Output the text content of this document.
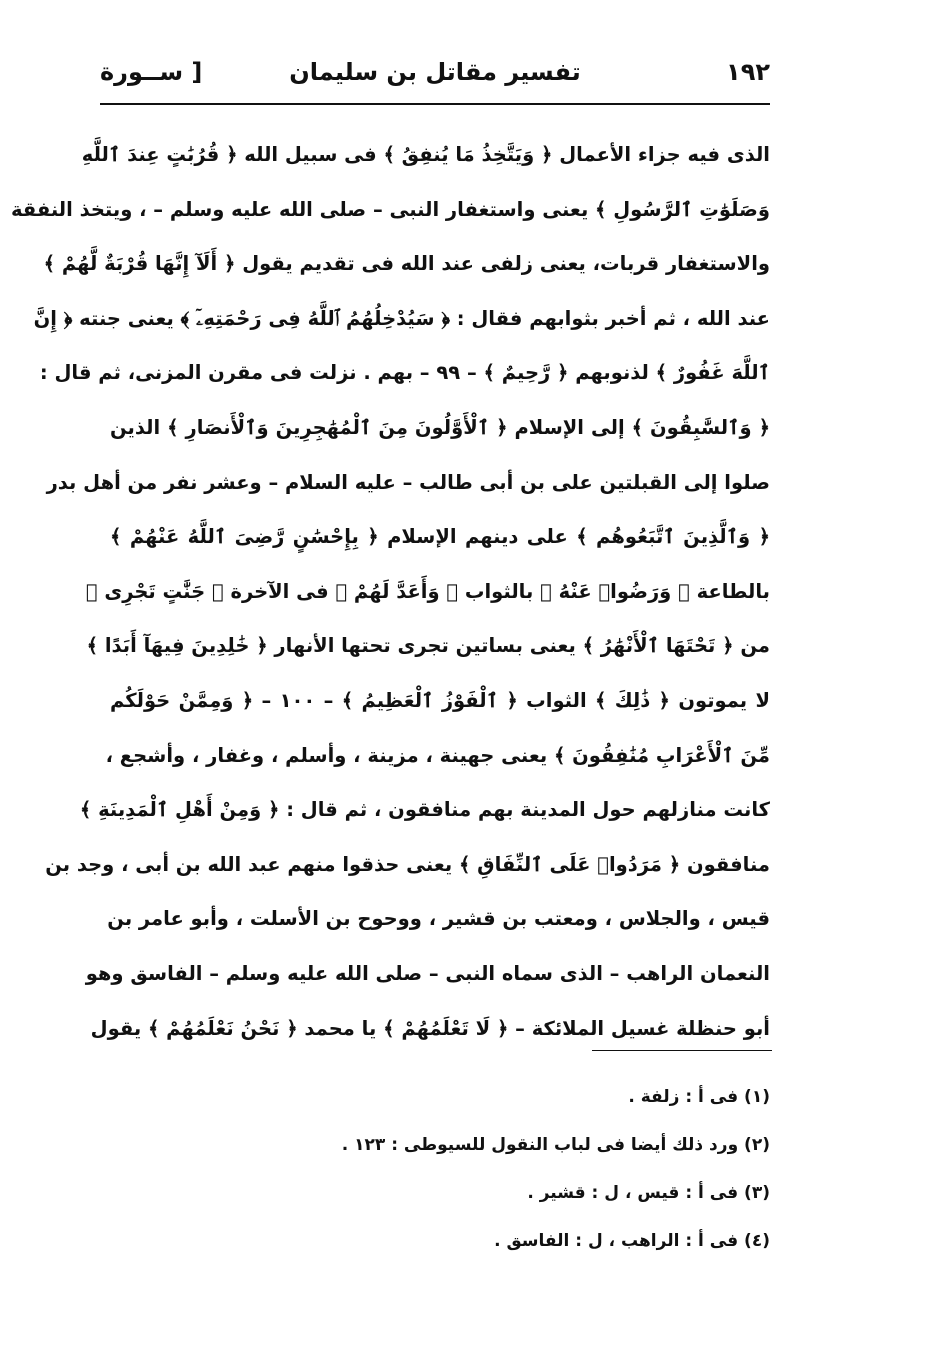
١٩٢
تفسير مقاتل بن سليمان
[ ســورة
الذى فيه جزاء الأعمال ﴿ وَيَتَّخِذُ مَا يُنفِقُ ﴾ فى سبيل الله ﴿ قُرُبَٰتٍ عِندَ ٱللَّهِ
وَصَلَوَٰتِ ٱلرَّسُولِ ﴾ يعنى واستغفار النبى – صلى الله عليه وسلم – ، ويتخذ النفقة
والاستغفار قربات، يعنى زلفى عند الله فى تقديم يقول ﴿ أَلَآ إِنَّهَا قُرْبَةٌ لَّهُمْ ﴾
عند الله ، ثم أخبر بثوابهم فقال : ﴿ سَيُدْخِلُهُمُ ٱللَّهُ فِى رَحْمَتِهِۦٓ ﴾ يعنى جنته ﴿ إِنَّ
ٱللَّهَ غَفُورٌ ﴾ لذنوبهم ﴿ رَّحِيمٌ ﴾ – ٩٩ – بهم . نزلت فى مقرن المزنى، ثم قال :
﴿ وَٱلسَّٰبِقُونَ ﴾ إلى الإسلام ﴿ ٱلْأَوَّلُونَ مِنَ ٱلْمُهَٰجِرِينَ وَٱلْأَنصَارِ ﴾ الذين
صلوا إلى القبلتين على بن أبى طالب – عليه السلام – وعشر نفر من أهل بدر
﴿ وَٱلَّذِينَ ٱتَّبَعُوهُم ﴾ على دينهم الإسلام ﴿ بِإِحْسَٰنٍ رَّضِىَ ٱللَّهُ عَنْهُمْ ﴾
بالطاعة ﴿ وَرَضُوا۟ عَنْهُ ﴾ بالثواب ﴿ وَأَعَدَّ لَهُمْ ﴾ فى الآخرة ﴿ جَنَّٰتٍ تَجْرِى ﴾
من ﴿ تَحْتَهَا ٱلْأَنْهَٰرُ ﴾ يعنى بساتين تجرى تحتها الأنهار ﴿ خَٰلِدِينَ فِيهَآ أَبَدًا ﴾
لا يموتون ﴿ ذَٰلِكَ ﴾ الثواب ﴿ ٱلْفَوْزُ ٱلْعَظِيمُ ﴾ – ١٠٠ – ﴿ وَمِمَّنْ حَوْلَكُم
مِّنَ ٱلْأَعْرَابِ مُنَٰفِقُونَ ﴾ يعنى جهينة ، مزينة ، وأسلم ، وغفار ، وأشجع ،
كانت منازلهم حول المدينة بهم منافقون ، ثم قال : ﴿ وَمِنْ أَهْلِ ٱلْمَدِينَةِ ﴾
منافقون ﴿ مَرَدُوا۟ عَلَى ٱلنِّفَاقِ ﴾ يعنى حذقوا منهم عبد الله بن أبى ، وجد بن
قيس ، والجلاس ، ومعتب بن قشير ، ووحوح بن الأسلت ، وأبو عامر بن
النعمان الراهب – الذى سماه النبى – صلى الله عليه وسلم – الفاسق وهو
أبو حنظلة غسيل الملائكة – ﴿ لَا تَعْلَمُهُمْ ﴾ يا محمد ﴿ نَحْنُ نَعْلَمُهُمْ ﴾ يقول
(١) فى أ : زلفة .
(٢) ورد ذلك أيضا فى لباب النقول للسيوطى : ١٢٣ .
(٣) فى أ : قيس ، ل : قشير .
(٤) فى أ : الراهب ، ل : الفاسق .
